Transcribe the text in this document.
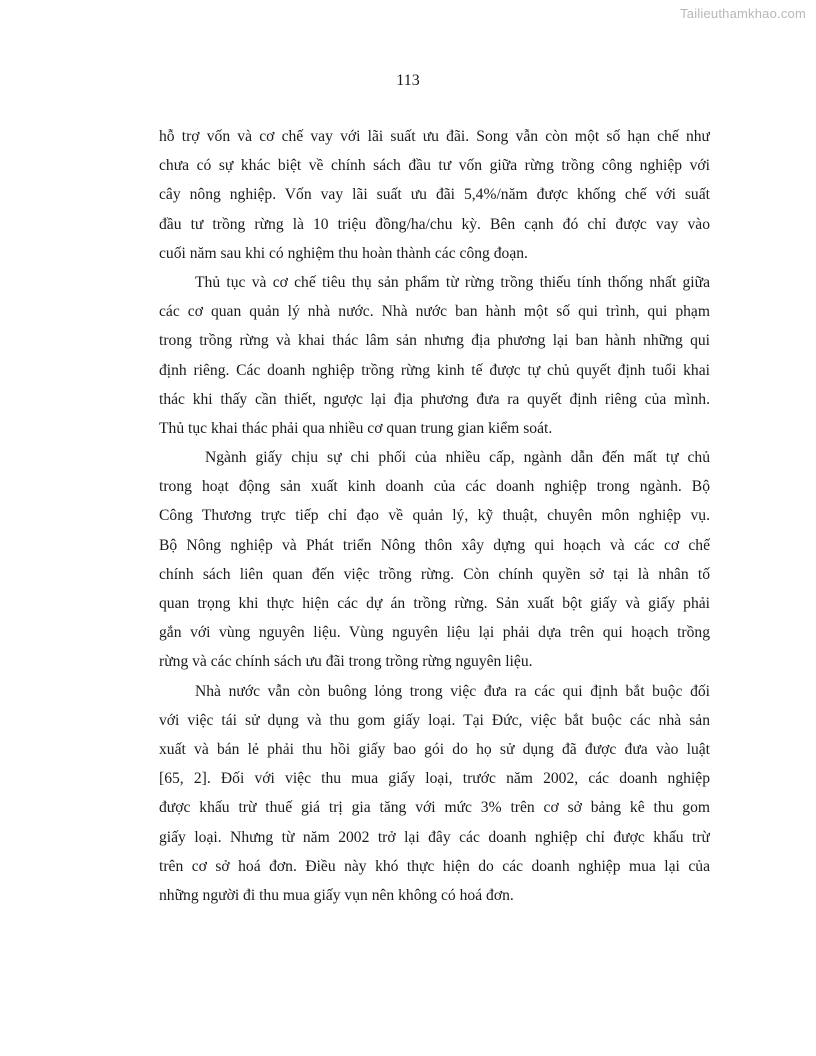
Tailieuthamkhao.com
113
hỗ trợ vốn và cơ chế vay với lãi suất ưu đãi. Song vẫn còn một số hạn chế như
chưa có sự khác biệt về chính sách đầu tư vốn giữa rừng trồng công nghiệp với
cây nông nghiệp. Vốn vay lãi suất ưu đãi 5,4%/năm được khống chế với suất
đầu tư trồng rừng là 10 triệu đồng/ha/chu kỳ. Bên cạnh đó chỉ được vay vào
cuối năm sau khi có nghiệm thu hoàn thành các công đoạn.
Thủ tục và cơ chế tiêu thụ sản phẩm từ rừng trồng thiếu tính thống nhất giữa
các cơ quan quản lý nhà nước. Nhà nước ban hành một số qui trình, qui phạm
trong trồng rừng và khai thác lâm sản nhưng địa phương lại ban hành những qui
định riêng. Các doanh nghiệp trồng rừng kinh tế được tự chủ quyết định tuổi khai
thác khi thấy cần thiết, ngược lại địa phương đưa ra quyết định riêng của mình.
Thủ tục khai thác phải qua nhiều cơ quan trung gian kiểm soát.
Ngành giấy chịu sự chi phối của nhiều cấp, ngành dẫn đến mất tự chủ
trong hoạt động sản xuất kinh doanh của các doanh nghiệp trong ngành. Bộ
Công Thương trực tiếp chỉ đạo về quản lý, kỹ thuật, chuyên môn nghiệp vụ.
Bộ Nông nghiệp và Phát triển Nông thôn xây dựng qui hoạch và các cơ chế
chính sách liên quan đến việc trồng rừng. Còn chính quyền sở tại là nhân tố
quan trọng khi thực hiện các dự án trồng rừng. Sản xuất bột giấy và giấy phải
gắn với vùng nguyên liệu. Vùng nguyên liệu lại phải dựa trên qui hoạch trồng
rừng và các chính sách ưu đãi trong trồng rừng nguyên liệu.
Nhà nước vẫn còn buông lỏng trong việc đưa ra các qui định bắt buộc đối
với việc tái sử dụng và thu gom giấy loại. Tại Đức, việc bắt buộc các nhà sản
xuất và bán lẻ phải thu hồi giấy bao gói do họ sử dụng đã được đưa vào luật
[65, 2]. Đối với việc thu mua giấy loại, trước năm 2002, các doanh nghiệp
được khấu trừ thuế giá trị gia tăng với mức 3% trên cơ sở bảng kê thu gom
giấy loại. Nhưng từ năm 2002 trở lại đây các doanh nghiệp chỉ được khấu trừ
trên cơ sở hoá đơn. Điều này khó thực hiện do các doanh nghiệp mua lại của
những người đi thu mua giấy vụn nên không có hoá đơn.
